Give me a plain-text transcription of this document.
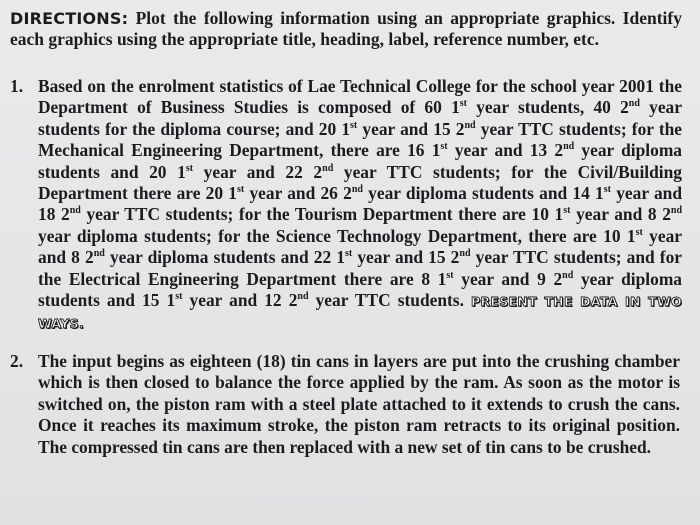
DIRECTIONS: Plot the following information using an appropriate graphics. Identify each graphics using the appropriate title, heading, label, reference number, etc.

1. Based on the enrolment statistics of Lae Technical College for the school year 2001 the Department of Business Studies is composed of 60 1st year students, 40 2nd year students for the diploma course; and 20 1st year and 15 2nd year TTC students; for the Mechanical Engineering Department, there are 16 1st year and 13 2nd year diploma students and 20 1st year and 22 2nd year TTC students; for the Civil/Building Department there are 20 1st year and 26 2nd year diploma students and 14 1st year and 18 2nd year TTC students; for the Tourism Department there are 10 1st year and 8 2nd year diploma students; for the Science Technology Department, there are 10 1st year and 8 2nd year diploma students and 22 1st year and 15 2nd year TTC students; and for the Electrical Engineering Department there are 8 1st year and 9 2nd year diploma students and 15 1st year and 12 2nd year TTC students. PRESENT THE DATA IN TWO WAYS.

2. The input begins as eighteen (18) tin cans in layers are put into the crushing chamber which is then closed to balance the force applied by the ram. As soon as the motor is switched on, the piston ram with a steel plate attached to it extends to crush the cans. Once it reaches its maximum stroke, the piston ram retracts to its original position. The compressed tin cans are then replaced with a new set of tin cans to be crushed.
